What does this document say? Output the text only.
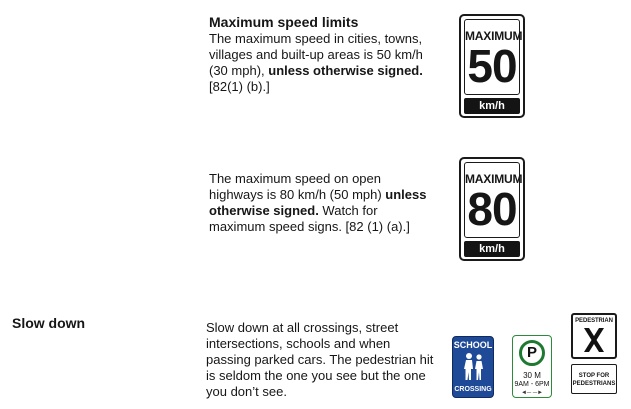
Maximum speed limits

The maximum speed in cities, towns, villages and built-up areas is 50 km/h (30 mph), unless otherwise signed. [82(1) (b).]

MAXIMUM
50
km/h

The maximum speed on open highways is 80 km/h (50 mph) unless otherwise signed. Watch for maximum speed signs. [82 (1) (a).]

MAXIMUM
80
km/h
Slow down	Slow down at all crossings, street intersections, schools and when passing parked cars. The pedestrian hit is seldom the one you see but the one you don’t see.

SCHOOL
CROSSING
P
30 M
9AM - 6PM
◄─ ─►
PEDESTRIAN
STOP FOR
PEDESTRIANS
